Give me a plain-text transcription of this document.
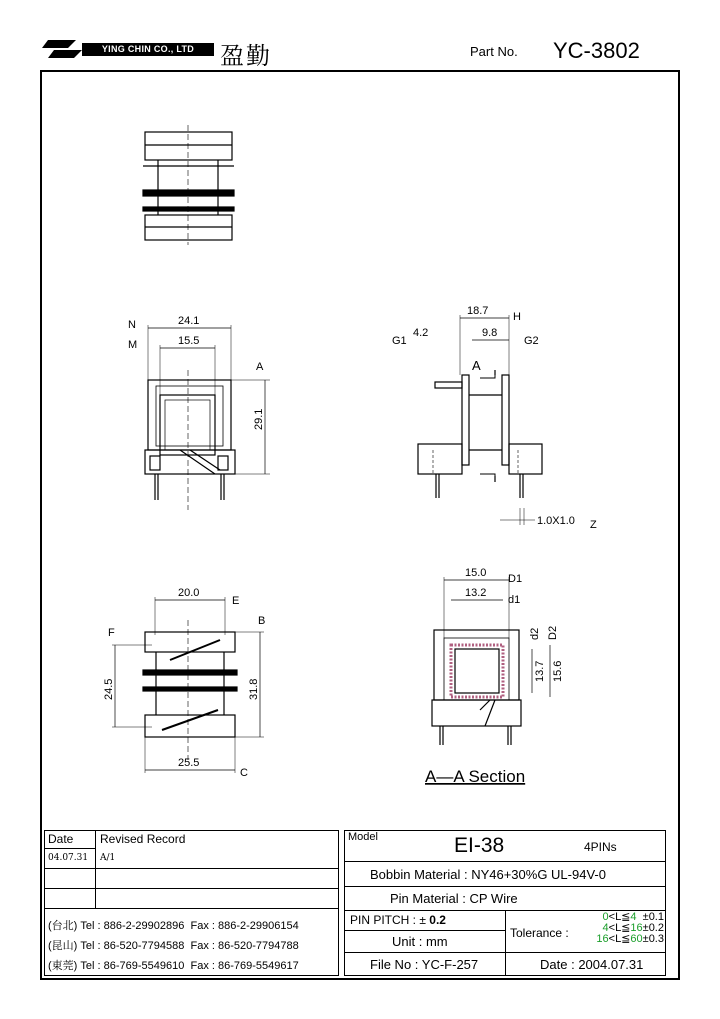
YING CHIN CO., LTD	盈勤	Part No. YC-3802
24.1
15.5
29.1
N
M
A
18.7
4.2	9.8
H
G1	G2
A
1.0X1.0 Z
20.0
24.5	31.8
25.5
E
F
B
C
15.0
13.2
13.7 15.6
D1
d1
d2 D2
A—A Section
Date Revised Record
04.07.31 A/1
(台北) Tel : 886-2-29902896 Fax : 886-2-29906154
(昆山) Tel : 86-520-7794588 Fax : 86-520-7794788
(東莞) Tel : 86-769-5549610 Fax : 86-769-5549617
Model	EI-38	4PINs
Bobbin Material : NY46+30%G UL-94V-0
Pin Material : CP Wire
PIN PITCH : ± 0.2
Unit : mm
Tolerance :
0<L≦4 ±0.1
4<L≦16±0.2
16<L≦60±0.3
File No : YC-F-257	Date : 2004.07.31
